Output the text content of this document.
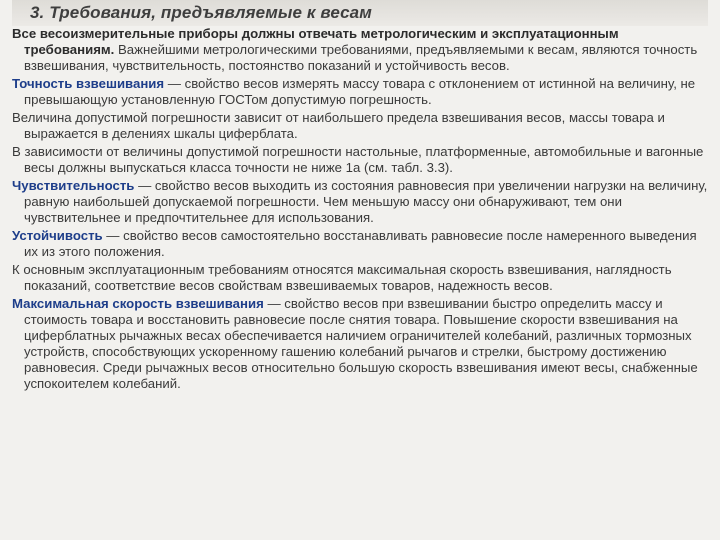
3. Требования, предъявляемые к весам

Все весоизмерительные приборы должны отвечать метрологическим и эксплуатационным требованиям. Важнейшими метрологическими требованиями, предъявляемыми к весам, являются точность взвешивания, чувствительность, постоянство показаний и устойчивость весов.

Точность взвешивания — свойство весов измерять массу товара с отклонением от истинной на величину, не превышающую установленную ГОСТом допустимую погрешность.

Величина допустимой погрешности зависит от наибольшего предела взвешивания весов, массы товара и выражается в делениях шкалы циферблата.

В зависимости от величины допустимой погрешности настольные, платформенные, автомобильные и вагонные весы должны выпускаться класса точности не ниже 1а (см. табл. 3.3).

Чувствительность — свойство весов выходить из состояния равновесия при увеличении нагрузки на величину, равную наибольшей допускаемой погрешности. Чем меньшую массу они обнаруживают, тем они чувствительнее и предпочтительнее для использования.

Устойчивость — свойство весов самостоятельно восстанавливать равновесие после намеренного выведения их из этого положения.

К основным эксплуатационным требованиям относятся максимальная скорость взвешивания, наглядность

показаний, соответствие весов свойствам взвешиваемых товаров, надежность весов.

Максимальная скорость взвешивания — свойство весов при взвешивании быстро определить массу и стоимость товара и восстановить равновесие после снятия товара. Повышение скорости взвешивания на циферблатных рычажных весах обеспечивается наличием ограничителей колебаний, различных тормозных устройств, способствующих ускоренному гашению колебаний рычагов и стрелки, быстрому достижению равновесия. Среди рычажных весов относительно большую скорость взвешивания имеют весы, снабженные успокоителем колебаний.
